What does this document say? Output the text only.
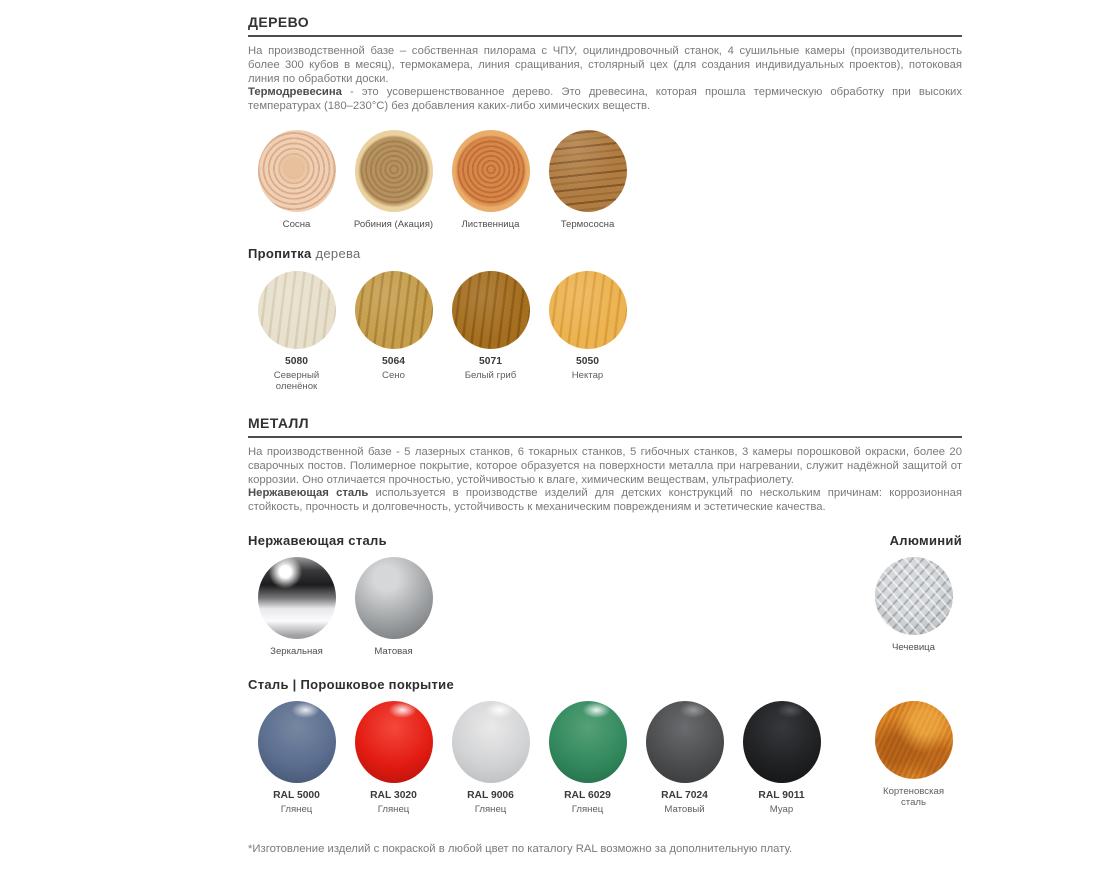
ДЕРЕВО

На производственной базе – собственная пилорама с ЧПУ, оцилиндровочный станок, 4 сушильные камеры (производительность более 300 кубов в месяц), термокамера, линия сращивания, столярный цех (для создания индивидуальных проектов), потоковая линия по обработки доски.

Термодревесина - это усовершенствованное дерево. Это древесина, которая прошла термическую обработку при высоких температурах (180–230°C) без добавления каких-либо химических веществ.

Сосна	Робиния (Акация)	Лиственница	Термососна
Пропитка дерева
5080
Северный оленёнок
5064
Сено
5071
Белый гриб
5050
Нектар
МЕТАЛЛ

На производственной базе - 5 лазерных станков, 6 токарных станков, 5 гибочных станков, 3 камеры порошковой окраски, более 20 сварочных постов. Полимерное покрытие, которое образуется на поверхности металла при нагревании, служит надёжной защитой от коррозии. Оно отличается прочностью, устойчивостью к влаге, химическим веществам, ультрафиолету.

Нержавеющая сталь используется в производстве изделий для детских конструкций по нескольким причинам: коррозионная стойкость, прочность и долговечность, устойчивость к механическим повреждениям и эстетические качества.

Нержавеющая сталь	Алюминий
Зеркальная	Матовая	Чечевица
Сталь | Порошковое покрытие
RAL 5000
Глянец
RAL 3020
Глянец
RAL 9006
Глянец
RAL 6029
Глянец
RAL 7024
Матовый
RAL 9011
Муар
Кортеновская сталь
*Изготовление изделий с покраской в любой цвет по каталогу RAL возможно за дополнительную плату.
